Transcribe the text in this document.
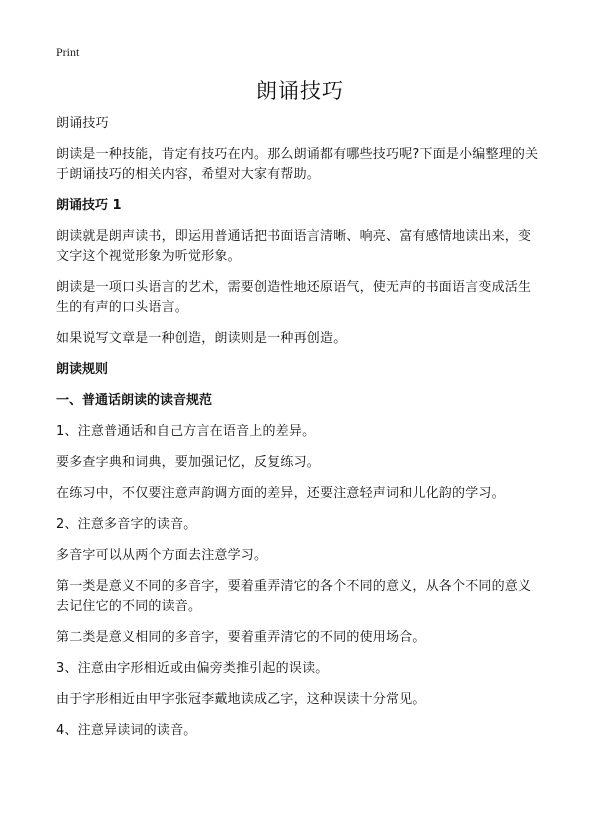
Print
朗诵技巧

朗诵技巧

朗读是一种技能，肯定有技巧在内。那么朗诵都有哪些技巧呢?下面是小编整理的关于朗诵技巧的相关内容，希望对大家有帮助。

朗诵技巧 1

朗读就是朗声读书，即运用普通话把书面语言清晰、响亮、富有感情地读出来，变文字这个视觉形象为听觉形象。

朗读是一项口头语言的艺术，需要创造性地还原语气，使无声的书面语言变成活生生的有声的口头语言。

如果说写文章是一种创造，朗读则是一种再创造。

朗读规则

一、普通话朗读的读音规范

1、注意普通话和自己方言在语音上的差异。

要多查字典和词典，要加强记忆，反复练习。

在练习中，不仅要注意声韵调方面的差异，还要注意轻声词和儿化韵的学习。

2、注意多音字的读音。

多音字可以从两个方面去注意学习。

第一类是意义不同的多音字，要着重弄清它的各个不同的意义，从各个不同的意义去记住它的不同的读音。

第二类是意义相同的多音字，要着重弄清它的不同的使用场合。

3、注意由字形相近或由偏旁类推引起的误读。

由于字形相近由甲字张冠李戴地读成乙字，这种误读十分常见。

4、注意异读词的读音。
